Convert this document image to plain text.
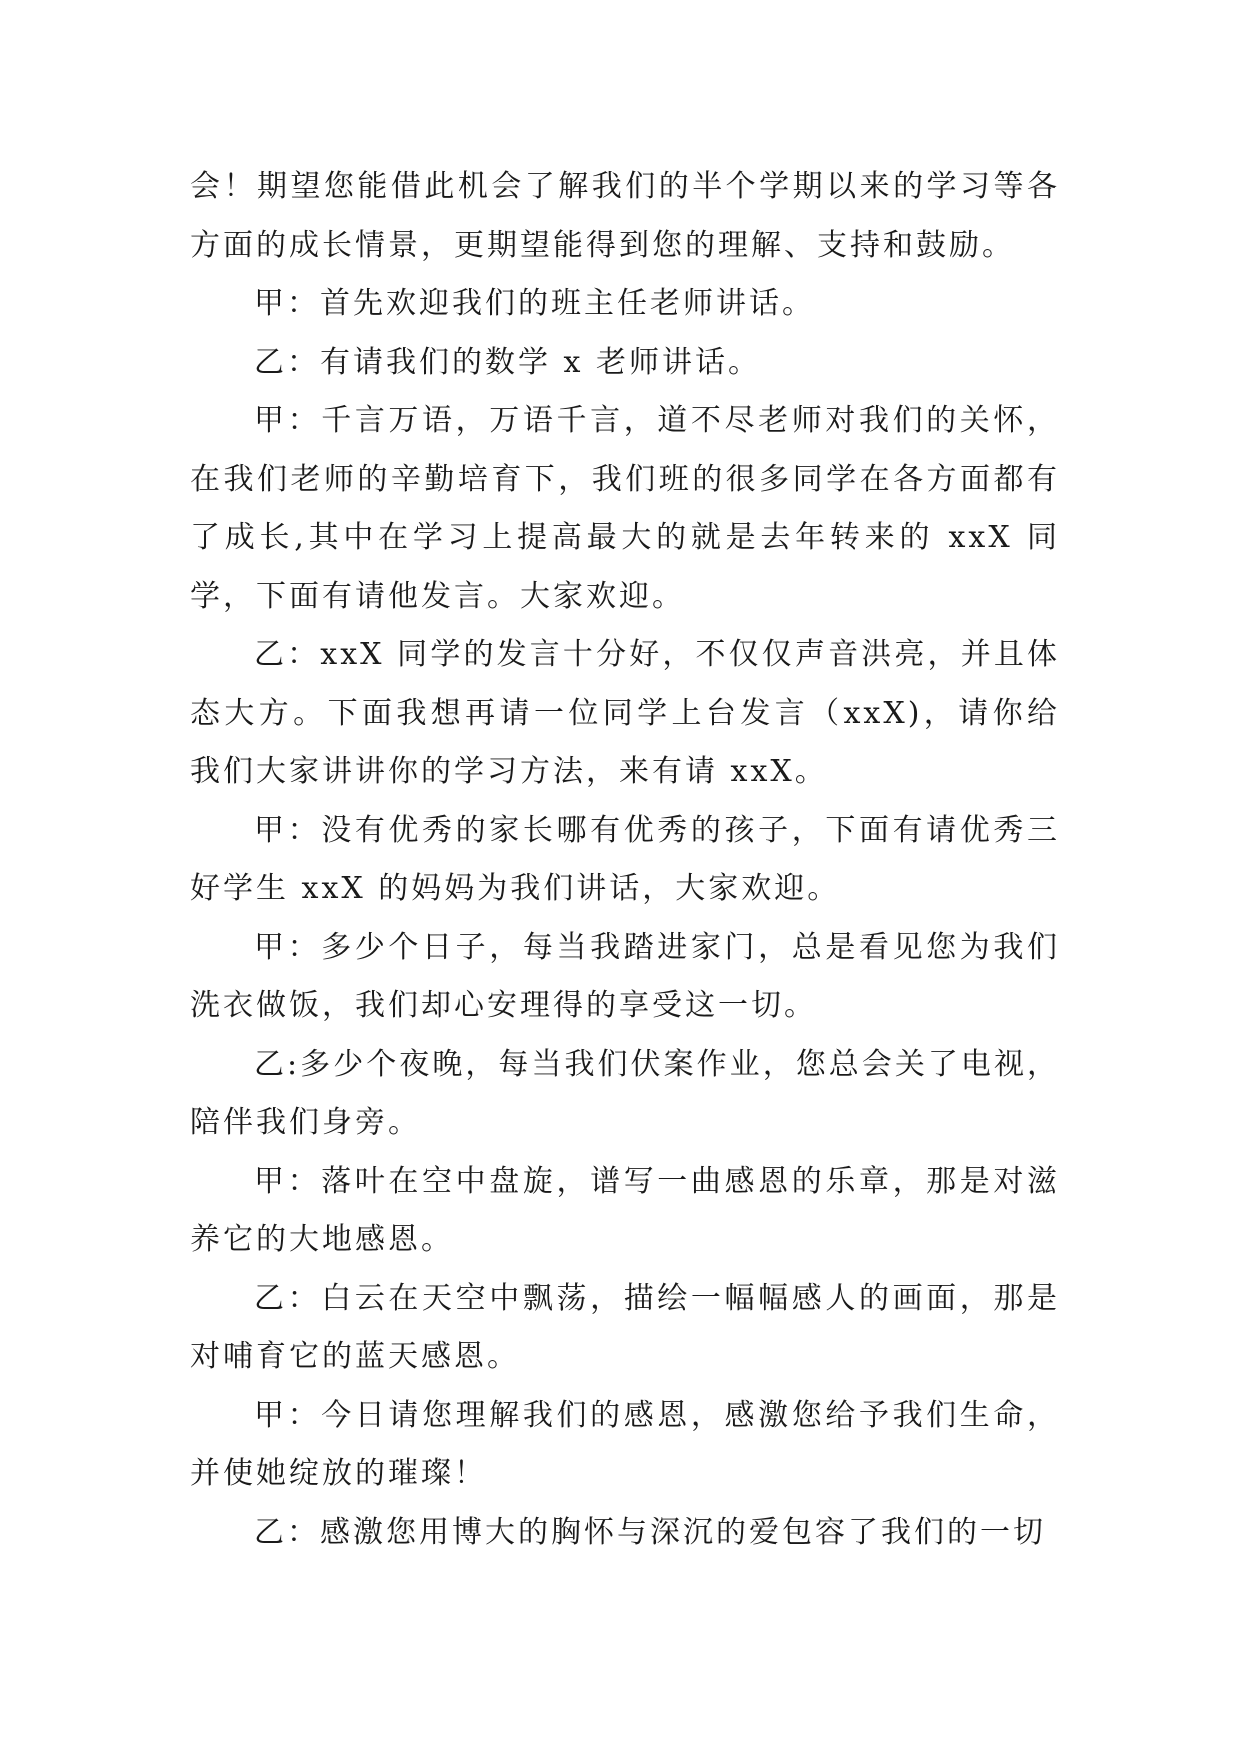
会！期望您能借此机会了解我们的半个学期以来的学习等各方面的成长情景，更期望能得到您的理解、支持和鼓励。

甲：首先欢迎我们的班主任老师讲话。

乙：有请我们的数学 x 老师讲话。

甲：千言万语，万语千言，道不尽老师对我们的关怀，在我们老师的辛勤培育下，我们班的很多同学在各方面都有了成长,其中在学习上提高最大的就是去年转来的 xxX 同学，下面有请他发言。大家欢迎。

乙：xxX 同学的发言十分好，不仅仅声音洪亮，并且体态大方。下面我想再请一位同学上台发言（xxX)，请你给我们大家讲讲你的学习方法，来有请 xxX。

甲：没有优秀的家长哪有优秀的孩子，下面有请优秀三好学生 xxX 的妈妈为我们讲话，大家欢迎。

甲：多少个日子，每当我踏进家门，总是看见您为我们洗衣做饭，我们却心安理得的享受这一切。

乙:多少个夜晚，每当我们伏案作业，您总会关了电视，陪伴我们身旁。

甲：落叶在空中盘旋，谱写一曲感恩的乐章，那是对滋养它的大地感恩。

乙：白云在天空中飘荡，描绘一幅幅感人的画面，那是对哺育它的蓝天感恩。

甲：今日请您理解我们的感恩，感激您给予我们生命，并使她绽放的璀璨！

乙：感激您用博大的胸怀与深沉的爱包容了我们的一切
